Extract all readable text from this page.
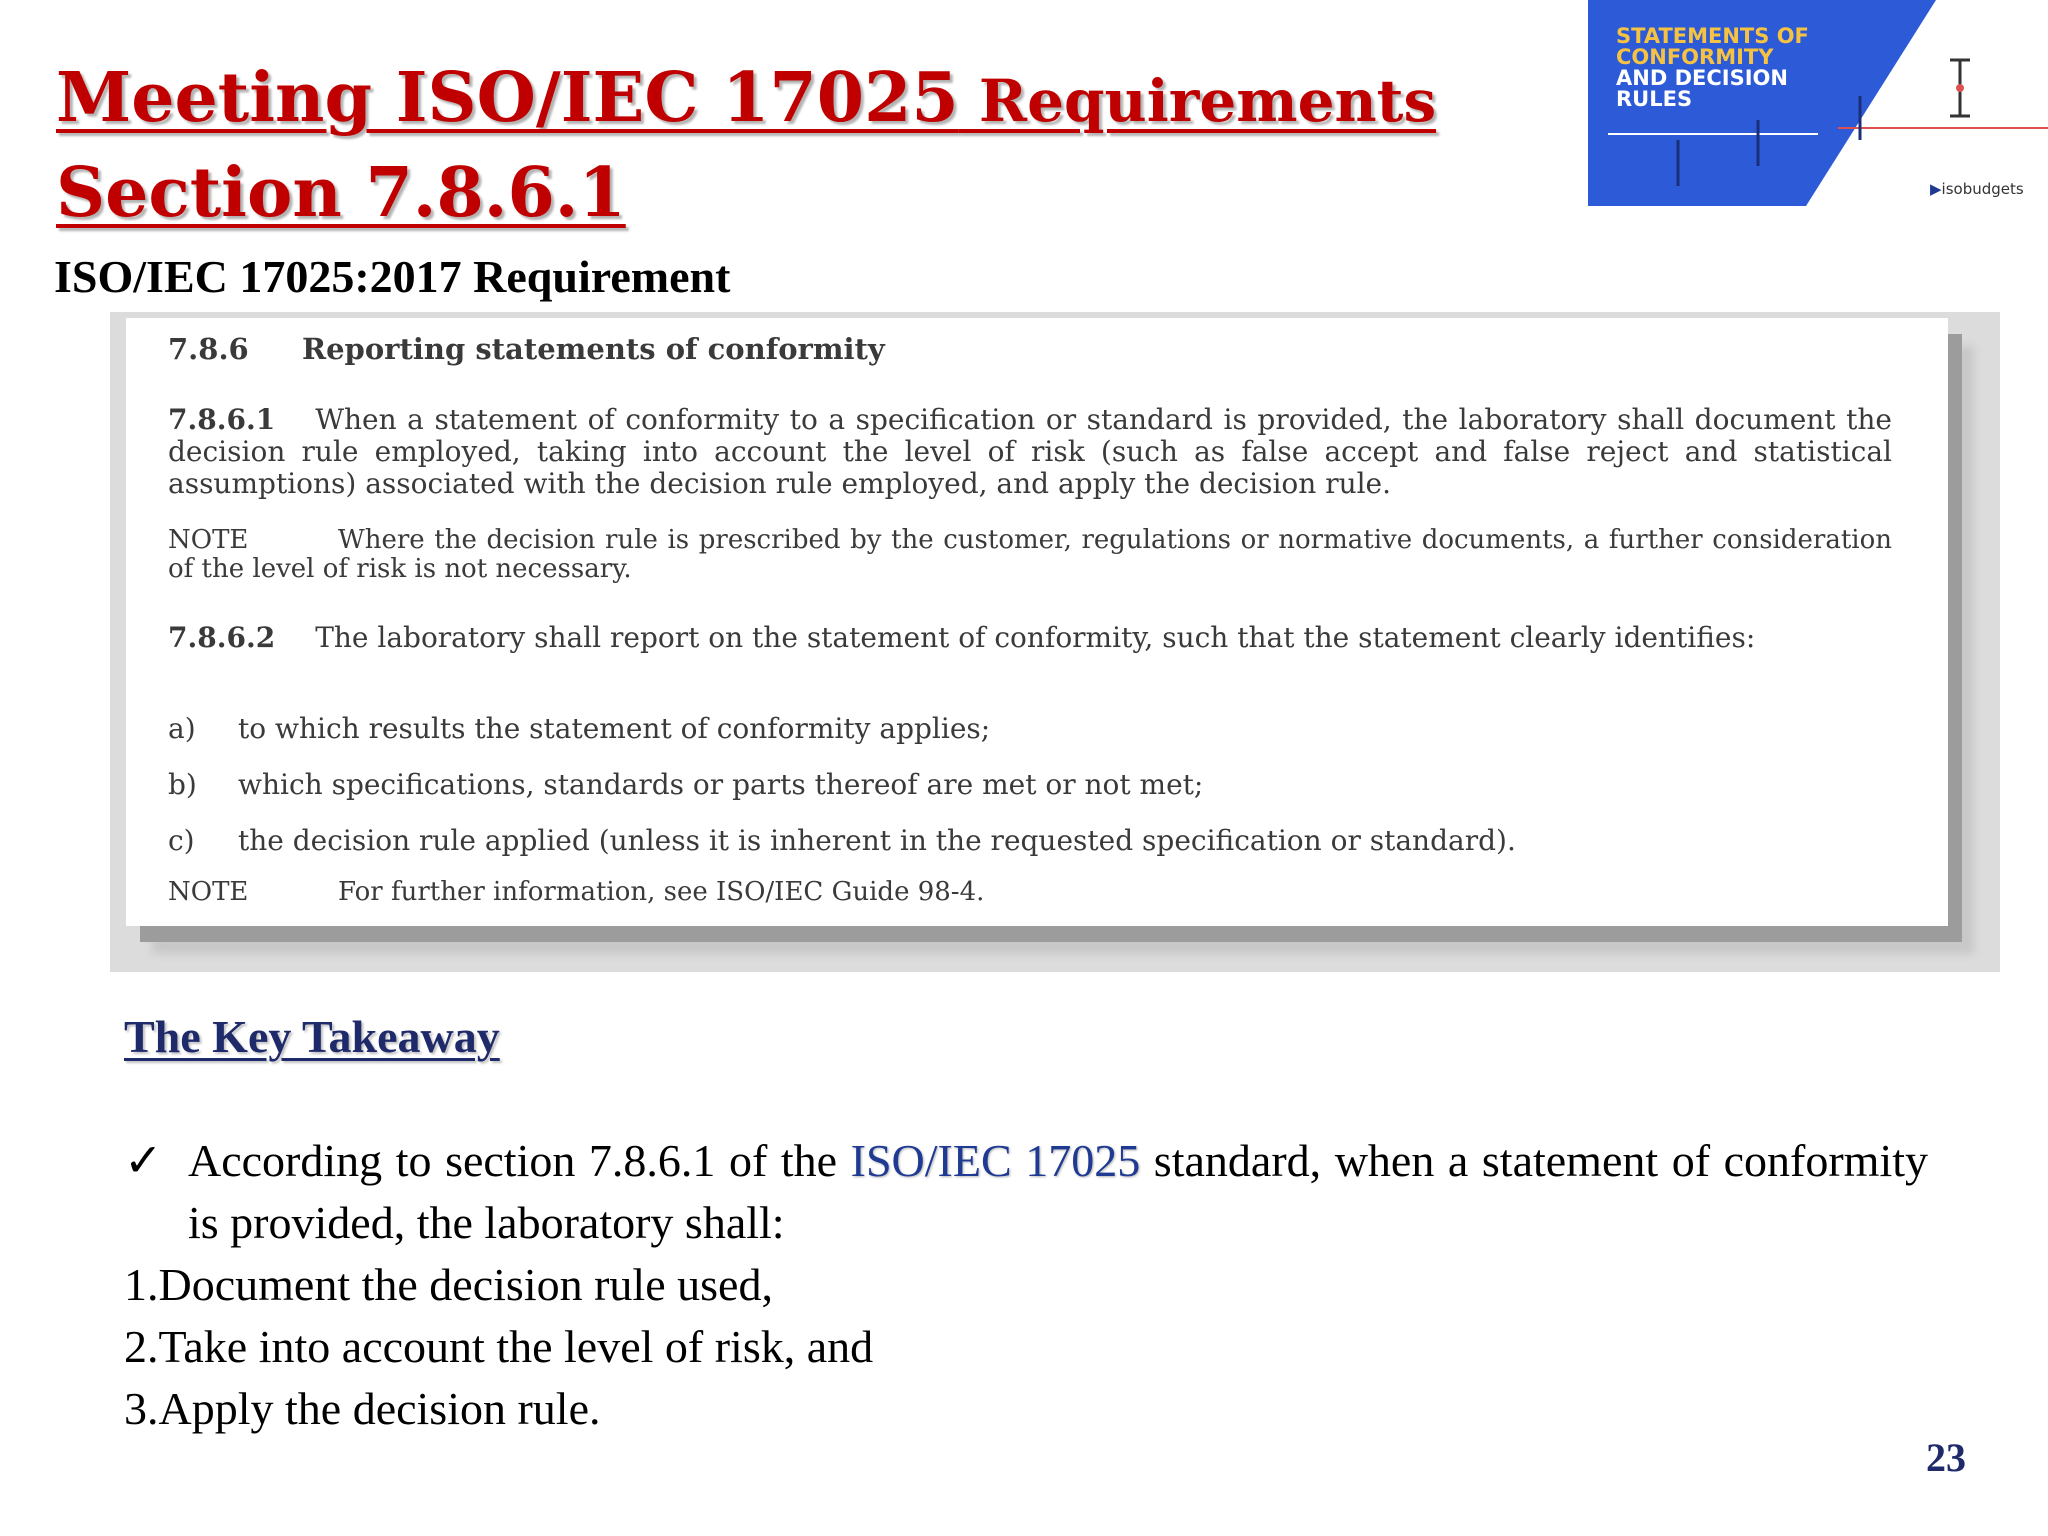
Meeting ISO/IEC 17025 Requirements
Section 7.8.6.1
STATEMENTS OF CONFORMITY
AND DECISION RULES
▶isobudgets
ISO/IEC 17025:2017 Requirement
7.8.6 Reporting statements of conformity
7.8.6.1 When a statement of conformity to a specification or standard is provided, the laboratory shall document the decision rule employed, taking into account the level of risk (such as false accept and false reject and statistical assumptions) associated with the decision rule employed, and apply the decision rule.
NOTE	Where the decision rule is prescribed by the customer, regulations or normative documents, a further consideration of the level of risk is not necessary.
7.8.6.2 The laboratory shall report on the statement of conformity, such that the statement clearly identifies:
a) to which results the statement of conformity applies;
b) which specifications, standards or parts thereof are met or not met;
c) the decision rule applied (unless it is inherent in the requested specification or standard).
NOTE	For further information, see ISO/IEC Guide 98-4.
The Key Takeaway
✓ According to section 7.8.6.1 of the ISO/IEC 17025 standard, when a statement of conformity is provided, the laboratory shall:
1.Document the decision rule used,
2.Take into account the level of risk, and
3.Apply the decision rule.
23
